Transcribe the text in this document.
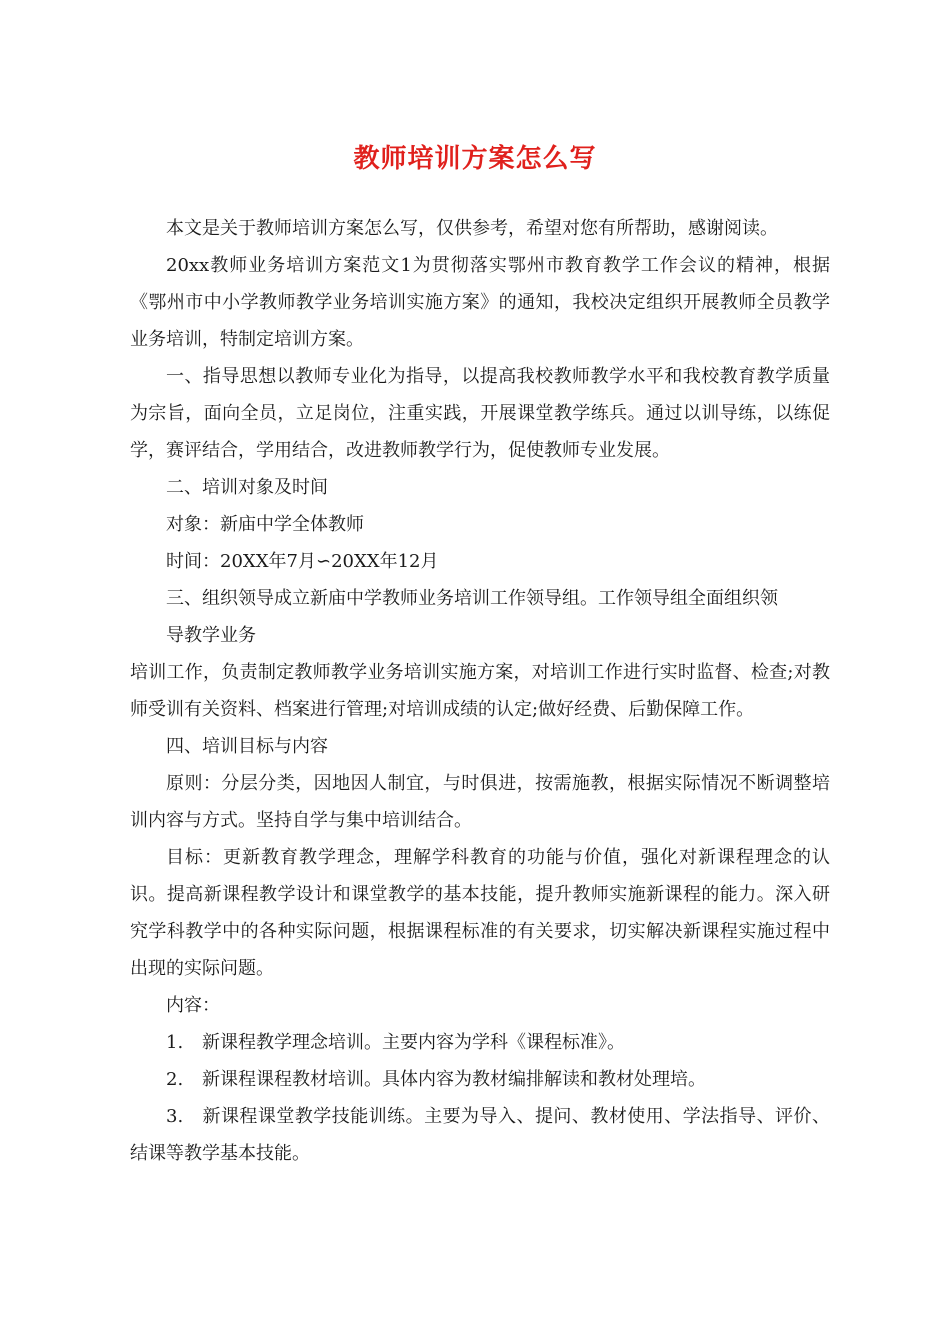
教师培训方案怎么写

本文是关于教师培训方案怎么写，仅供参考，希望对您有所帮助，感谢阅读。

20xx教师业务培训方案范文1为贯彻落实鄂州市教育教学工作会议的精神，根据《鄂州市中小学教师教学业务培训实施方案》的通知，我校决定组织开展教师全员教学业务培训，特制定培训方案。

一、指导思想以教师专业化为指导，以提高我校教师教学水平和我校教育教学质量为宗旨，面向全员，立足岗位，注重实践，开展课堂教学练兵。通过以训导练，以练促学，赛评结合，学用结合，改进教师教学行为，促使教师专业发展。

二、培训对象及时间

对象：新庙中学全体教师

时间：20XX年7月∽20XX年12月

三、组织领导成立新庙中学教师业务培训工作领导组。工作领导组全面组织领

导教学业务

培训工作，负责制定教师教学业务培训实施方案，对培训工作进行实时监督、检查;对教师受训有关资料、档案进行管理;对培训成绩的认定;做好经费、后勤保障工作。

四、培训目标与内容

原则：分层分类，因地因人制宜，与时俱进，按需施教，根据实际情况不断调整培训内容与方式。坚持自学与集中培训结合。

目标：更新教育教学理念，理解学科教育的功能与价值，强化对新课程理念的认识。提高新课程教学设计和课堂教学的基本技能，提升教师实施新课程的能力。深入研究学科教学中的各种实际问题，根据课程标准的有关要求，切实解决新课程实施过程中出现的实际问题。

内容：

1. 新课程教学理念培训。主要内容为学科《课程标准》。

2. 新课程课程教材培训。具体内容为教材编排解读和教材处理培。

3. 新课程课堂教学技能训练。主要为导入、提问、教材使用、学法指导、评价、结课等教学基本技能。
